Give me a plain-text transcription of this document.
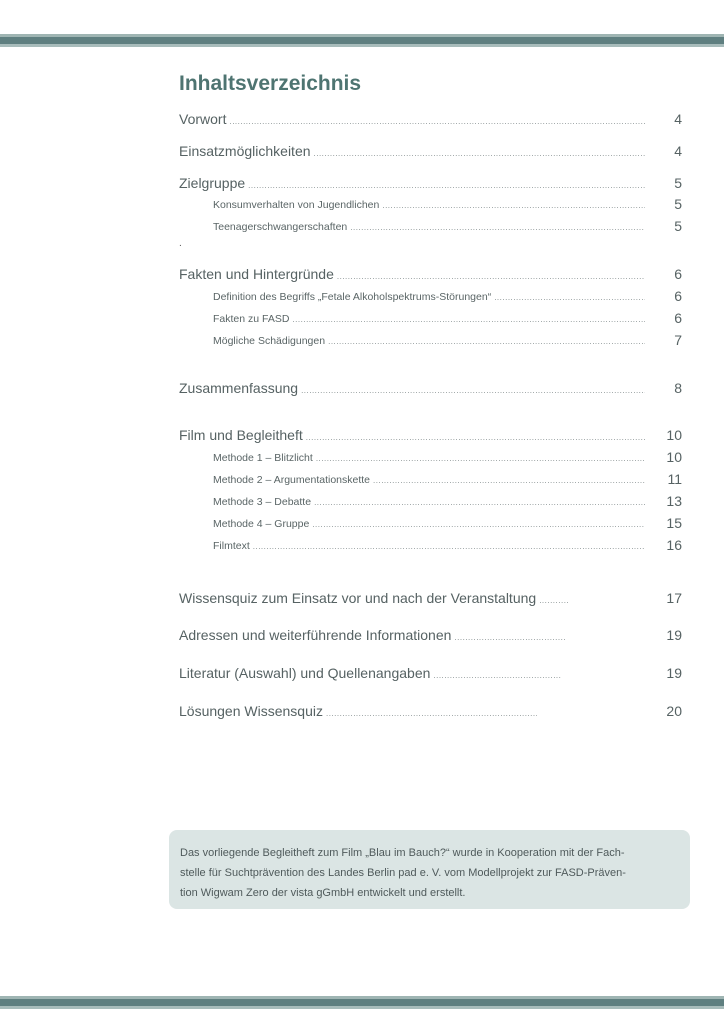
Inhaltsverzeichnis
Vorwort .....	4
Einsatzmöglichkeiten .....	4
Zielgruppe .....	5
Konsumverhalten von Jugendlichen .....	5
Teenagerschwangerschaften .....	5
.
Fakten und Hintergründe .....	6
Definition des Begriffs „Fetale Alkoholspektrums-Störungen“ .....	6
Fakten zu FASD .....	6
Mögliche Schädigungen .....	7
Zusammenfassung .....	8
Film und Begleitheft .....	10
Methode 1 – Blitzlicht .....	10
Methode 2 – Argumentationskette .....	11
Methode 3 – Debatte .....	13
Methode 4 – Gruppe .....	15
Filmtext .....	16
Wissensquiz zum Einsatz vor und nach der Veranstaltung .....	17
Adressen und weiterführende Informationen .....	19
Literatur (Auswahl) und Quellenangaben .....	19
Lösungen Wissensquiz .....	20
Das vorliegende Begleitheft zum Film „Blau im Bauch?“ wurde in Kooperation mit der Fach-
stelle für Suchtprävention des Landes Berlin pad e. V. vom Modellprojekt zur FASD-Präven-
tion Wigwam Zero der vista gGmbH entwickelt und erstellt.
